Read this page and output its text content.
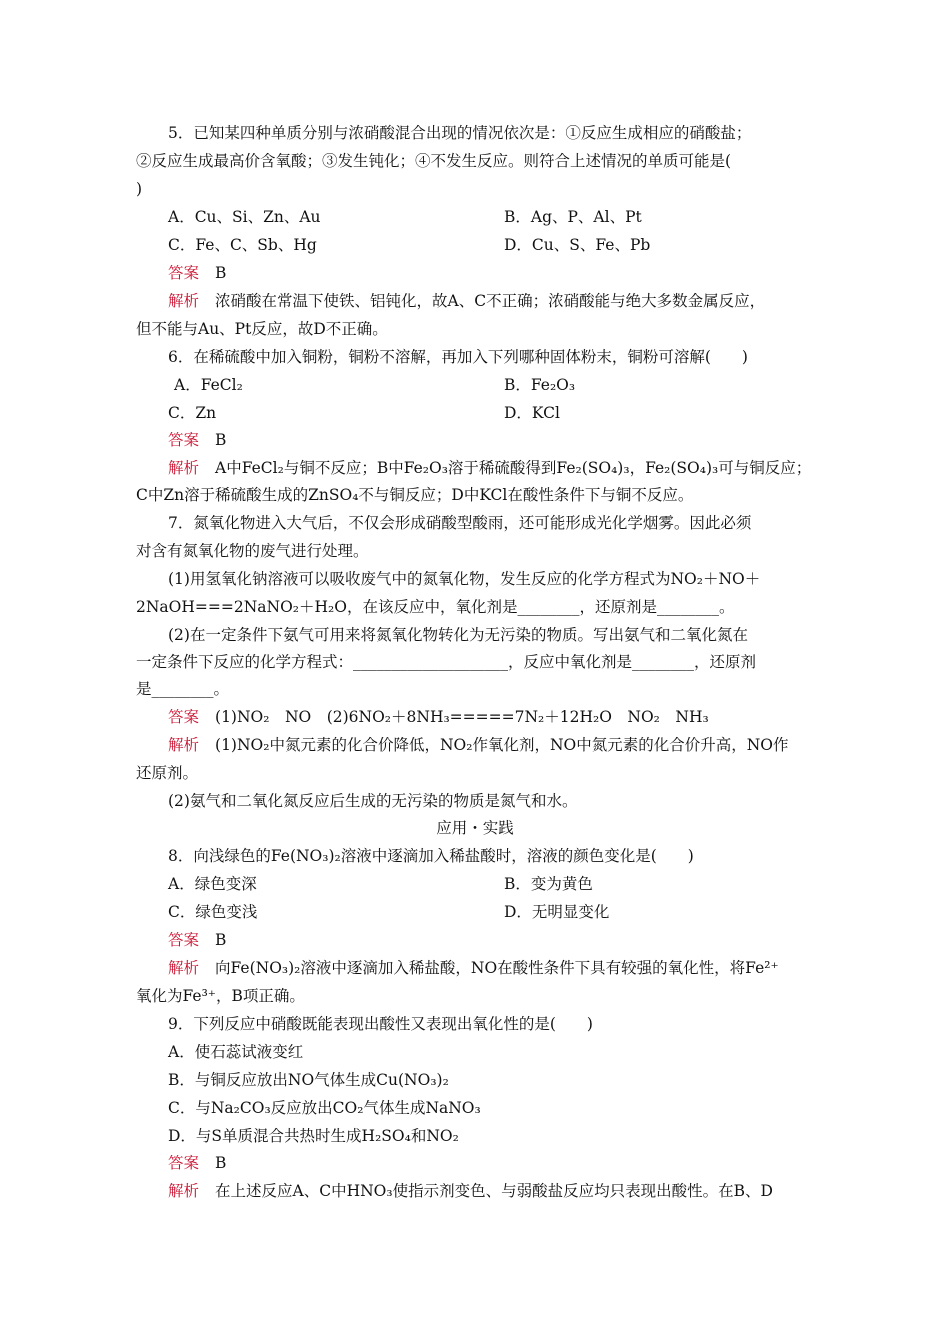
5．已知某四种单质分别与浓硝酸混合出现的情况依次是：①反应生成相应的硝酸盐；
②反应生成最高价含氧酸；③发生钝化；④不发生反应。则符合上述情况的单质可能是(
)
A．Cu、Si、Zn、Au	B．Ag、P、Al、Pt
C．Fe、C、Sb、Hg	D．Cu、S、Fe、Pb
答案 B
解析 浓硝酸在常温下使铁、铝钝化，故A、C不正确；浓硝酸能与绝大多数金属反应，
但不能与Au、Pt反应，故D不正确。
6．在稀硫酸中加入铜粉，铜粉不溶解，再加入下列哪种固体粉末，铜粉可溶解(　　)
A．FeCl₂	B．Fe₂O₃
C．Zn	D．KCl
答案 B
解析 A中FeCl₂与铜不反应；B中Fe₂O₃溶于稀硫酸得到Fe₂(SO₄)₃，Fe₂(SO₄)₃可与铜反应；
C中Zn溶于稀硫酸生成的ZnSO₄不与铜反应；D中KCl在酸性条件下与铜不反应。
7．氮氧化物进入大气后，不仅会形成硝酸型酸雨，还可能形成光化学烟雾。因此必须
对含有氮氧化物的废气进行处理。
(1)用氢氧化钠溶液可以吸收废气中的氮氧化物，发生反应的化学方程式为NO₂＋NO＋
2NaOH===2NaNO₂＋H₂O，在该反应中，氧化剂是________，还原剂是________。
(2)在一定条件下氨气可用来将氮氧化物转化为无污染的物质。写出氨气和二氧化氮在
一定条件下反应的化学方程式：____________________，反应中氧化剂是________，还原剂
是________。
答案 (1)NO₂　NO　(2)6NO₂＋8NH₃=====7N₂＋12H₂O　NO₂　NH₃
解析 (1)NO₂中氮元素的化合价降低，NO₂作氧化剂，NO中氮元素的化合价升高，NO作
还原剂。
(2)氨气和二氧化氮反应后生成的无污染的物质是氮气和水。
应用・实践
8．向浅绿色的Fe(NO₃)₂溶液中逐滴加入稀盐酸时，溶液的颜色变化是(　　)
A．绿色变深	B．变为黄色
C．绿色变浅	D．无明显变化
答案 B
解析 向Fe(NO₃)₂溶液中逐滴加入稀盐酸，NO在酸性条件下具有较强的氧化性，将Fe²⁺
氧化为Fe³⁺，B项正确。
9．下列反应中硝酸既能表现出酸性又表现出氧化性的是(　　)
A．使石蕊试液变红
B．与铜反应放出NO气体生成Cu(NO₃)₂
C．与Na₂CO₃反应放出CO₂气体生成NaNO₃
D．与S单质混合共热时生成H₂SO₄和NO₂
答案 B
解析 在上述反应A、C中HNO₃使指示剂变色、与弱酸盐反应均只表现出酸性。在B、D
